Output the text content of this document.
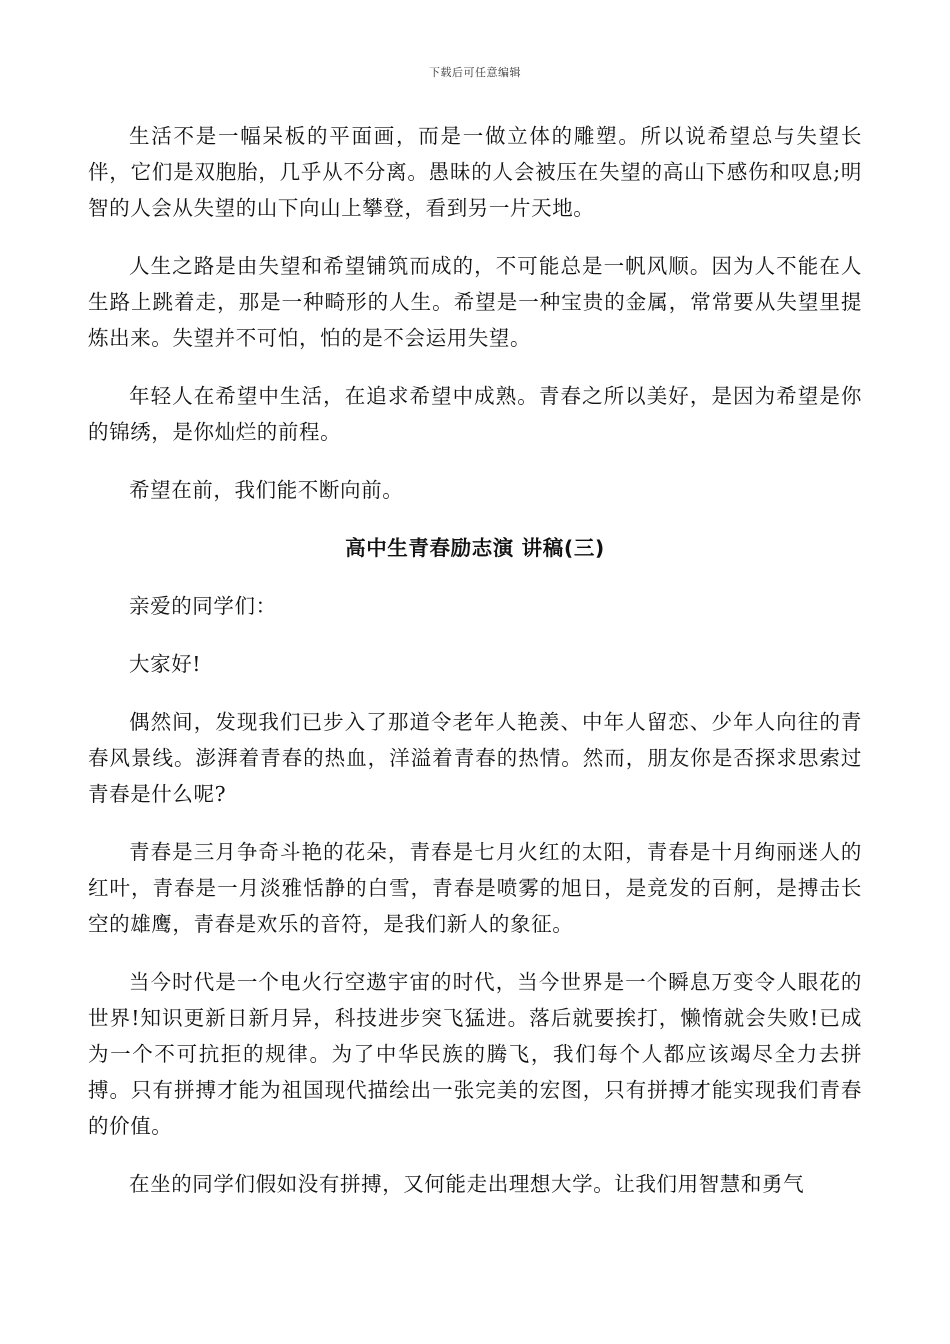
下载后可任意编辑

生活不是一幅呆板的平面画，而是一做立体的雕塑。所以说希望总与失望长伴，它们是双胞胎，几乎从不分离。愚昧的人会被压在失望的高山下感伤和叹息;明智的人会从失望的山下向山上攀登，看到另一片天地。

人生之路是由失望和希望铺筑而成的，不可能总是一帆风顺。因为人不能在人生路上跳着走，那是一种畸形的人生。希望是一种宝贵的金属，常常要从失望里提炼出来。失望并不可怕，怕的是不会运用失望。

年轻人在希望中生活，在追求希望中成熟。青春之所以美好，是因为希望是你的锦绣，是你灿烂的前程。

希望在前，我们能不断向前。

高中生青春励志演 讲稿(三)

亲爱的同学们：

大家好!

偶然间，发现我们已步入了那道令老年人艳羡、中年人留恋、少年人向往的青春风景线。澎湃着青春的热血，洋溢着青春的热情。然而，朋友你是否探求思索过青春是什么呢?

青春是三月争奇斗艳的花朵，青春是七月火红的太阳，青春是十月绚丽迷人的红叶，青春是一月淡雅恬静的白雪，青春是喷雾的旭日，是竞发的百舸，是搏击长空的雄鹰，青春是欢乐的音符，是我们新人的象征。

当今时代是一个电火行空遨宇宙的时代，当今世界是一个瞬息万变令人眼花的世界!知识更新日新月异，科技进步突飞猛进。落后就要挨打，懒惰就会失败!已成为一个不可抗拒的规律。为了中华民族的腾飞，我们每个人都应该竭尽全力去拼搏。只有拼搏才能为祖国现代描绘出一张完美的宏图，只有拼搏才能实现我们青春的价值。

在坐的同学们假如没有拼搏，又何能走出理想大学。让我们用智慧和勇气
